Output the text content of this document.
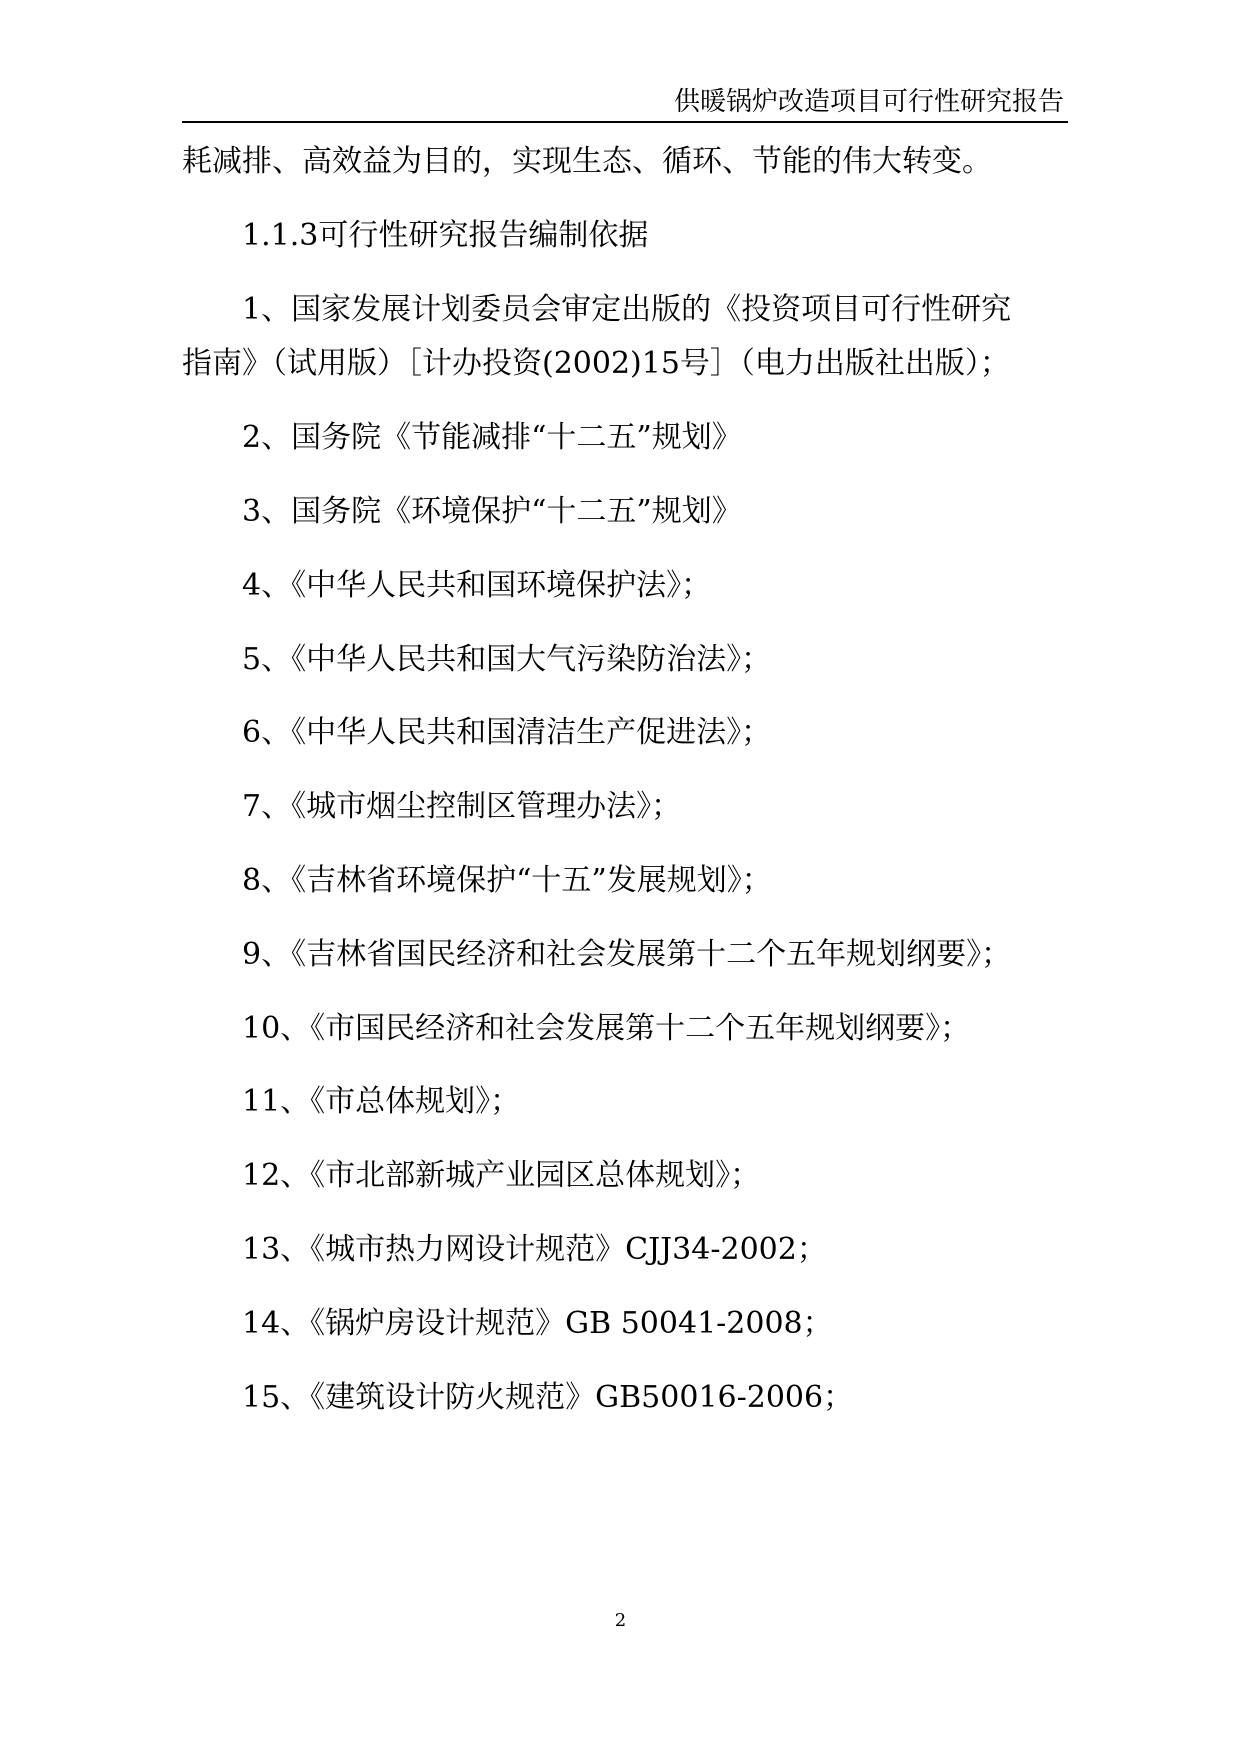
供暖锅炉改造项目可行性研究报告

耗减排、高效益为目的，实现生态、循环、节能的伟大转变。

1.1.3可行性研究报告编制依据

1、国家发展计划委员会审定出版的《投资项目可行性研究

指南》（试用版）［计办投资(2002)15号］（电力出版社出版）；

2、国务院《节能减排“十二五”规划》

3、国务院《环境保护“十二五”规划》

4、《中华人民共和国环境保护法》；

5、《中华人民共和国大气污染防治法》；

6、《中华人民共和国清洁生产促进法》；

7、《城市烟尘控制区管理办法》；

8、《吉林省环境保护“十五”发展规划》；

9、《吉林省国民经济和社会发展第十二个五年规划纲要》；

10、《市国民经济和社会发展第十二个五年规划纲要》；

11、《市总体规划》；

12、《市北部新城产业园区总体规划》；

13、《城市热力网设计规范》CJJ34-2002；

14、《锅炉房设计规范》GB 50041-2008；

15、《建筑设计防火规范》GB50016-2006；

2
